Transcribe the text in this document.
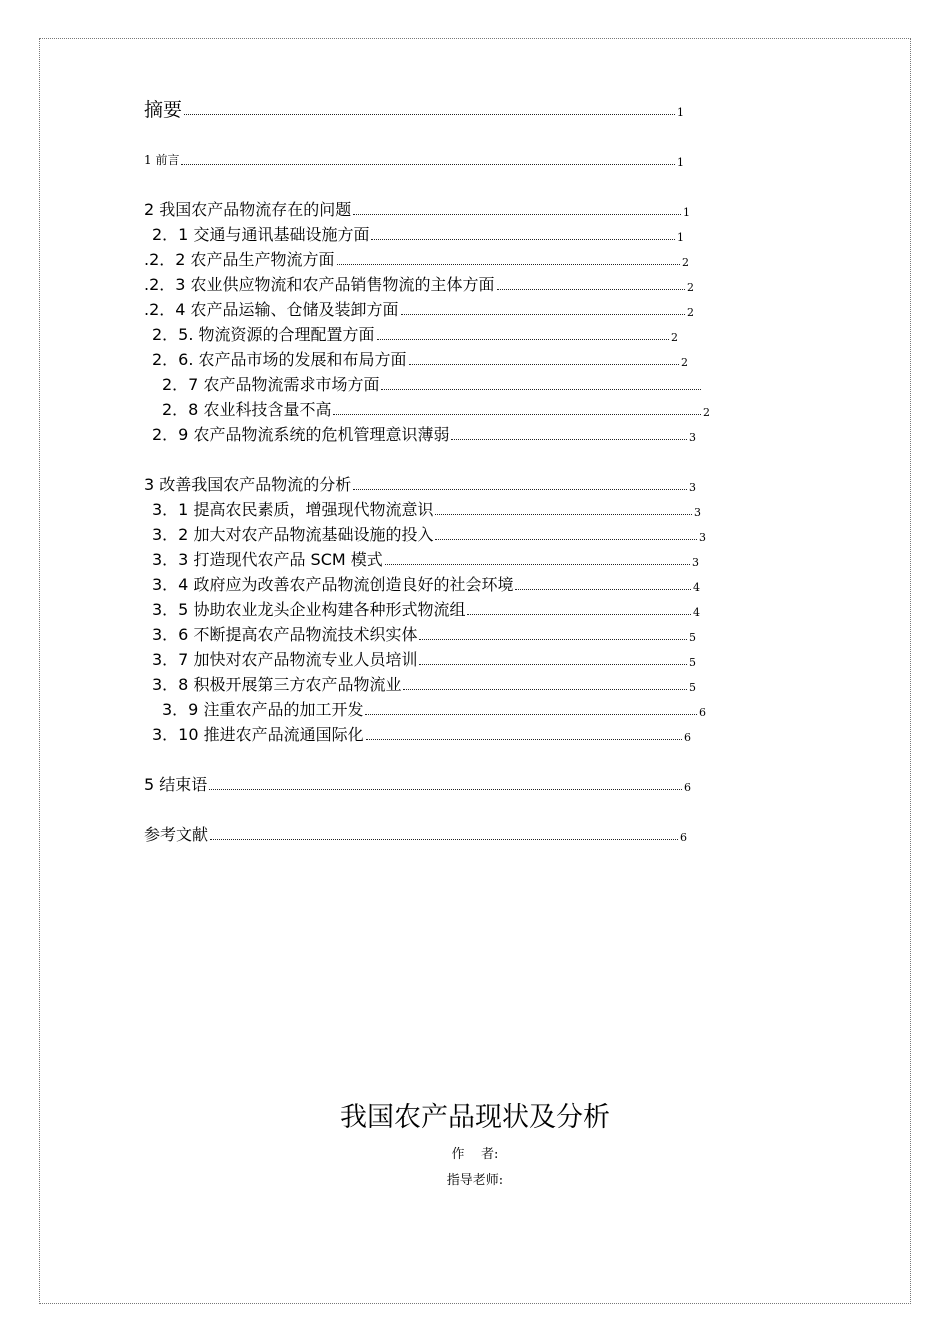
摘要	1
1 前言	1
2 我国农产品物流存在的问题	1
2．1 交通与通讯基础设施方面	1
.2．2 农产品生产物流方面	2
.2．3 农业供应物流和农产品销售物流的主体方面	2
.2．4 农产品运输、仓储及装卸方面	2
2．5. 物流资源的合理配置方面	2
2．6. 农产品市场的发展和布局方面	2
2．7 农产品物流需求市场方面
2．8 农业科技含量不高	2
2．9 农产品物流系统的危机管理意识薄弱	3
3 改善我国农产品物流的分析	3
3．1 提高农民素质，增强现代物流意识	3
3．2 加大对农产品物流基础设施的投入	3
3．3 打造现代农产品 SCM 模式	3
3．4 政府应为改善农产品物流创造良好的社会环境	4
3．5 协助农业龙头企业构建各种形式物流组	4
3．6 不断提高农产品物流技术织实体	5
3．7 加快对农产品物流专业人员培训	5
3．8 积极开展第三方农产品物流业	5
3．9 注重农产品的加工开发	6
3．10 推进农产品流通国际化	6
5 结束语	6
参考文献	6
我国农产品现状及分析
作    者:
指导老师:
